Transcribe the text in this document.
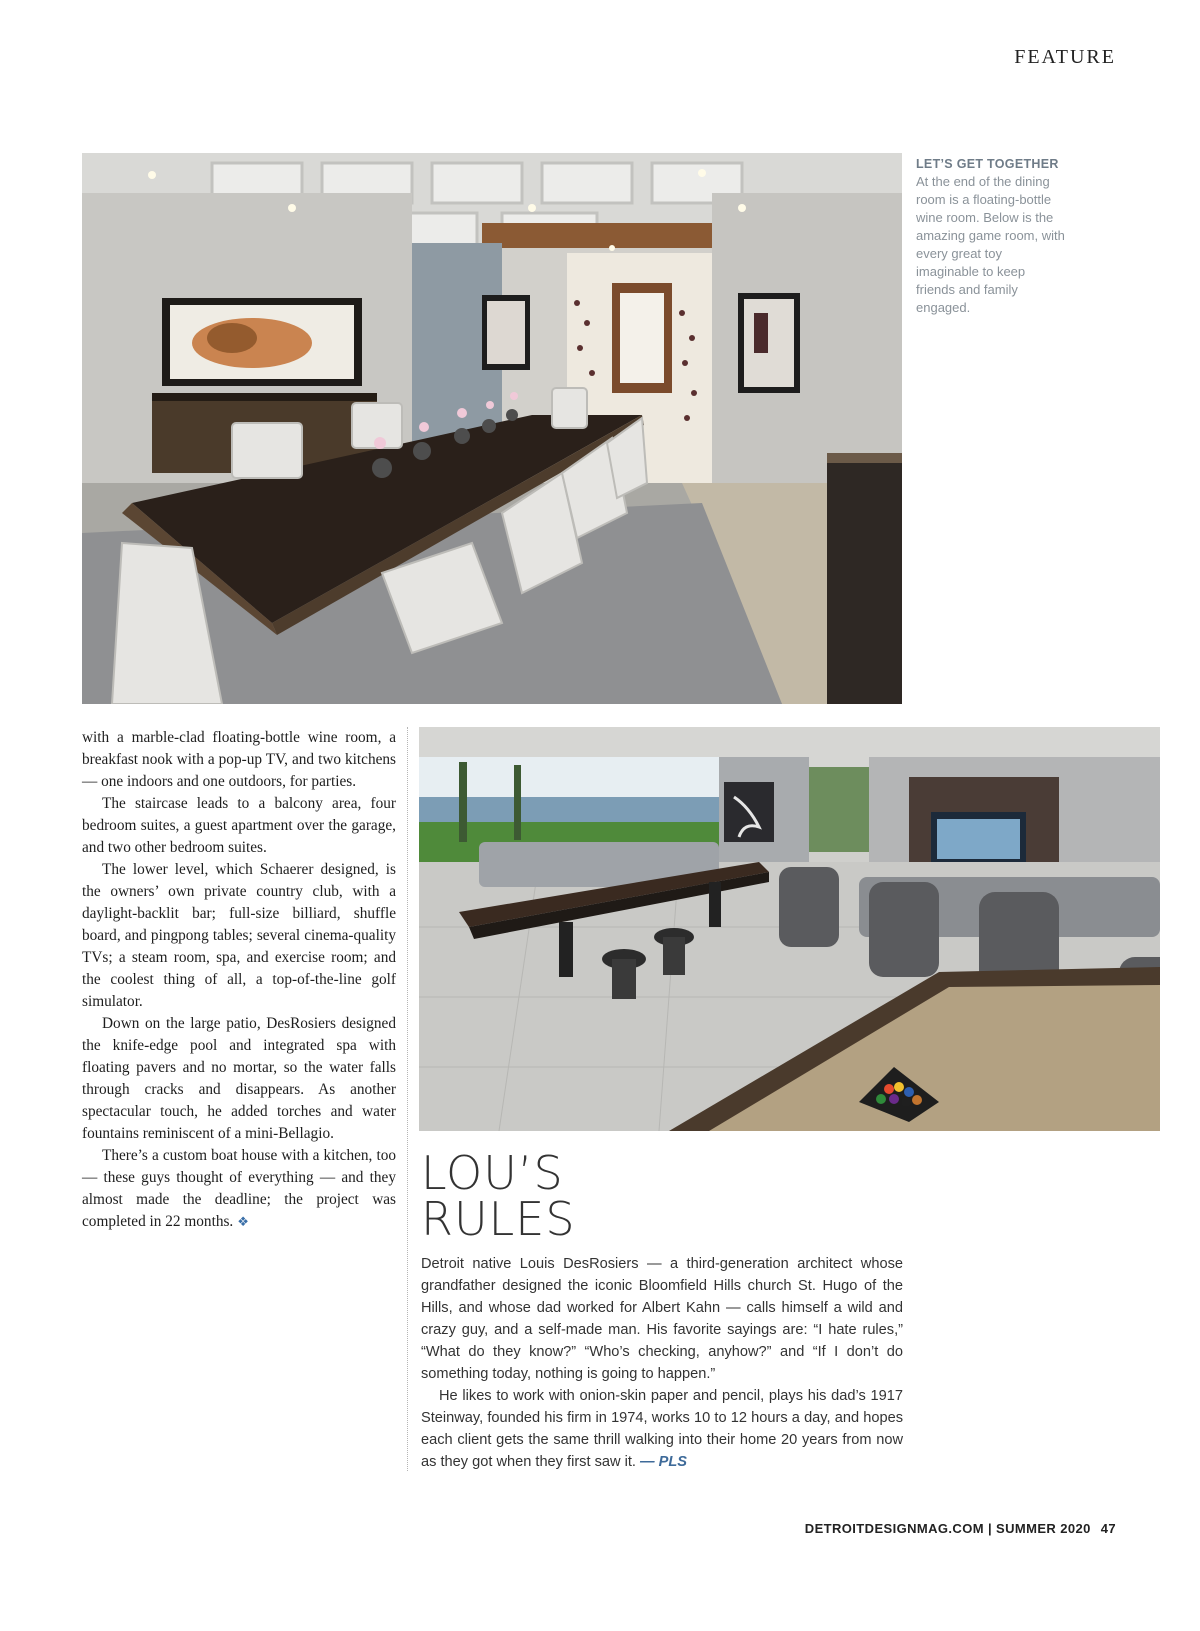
FEATURE
LET’S GET TOGETHER
At the end of the dining room is a floating-bottle wine room. Below is the amazing game room, with every great toy imaginable to keep friends and family engaged.

with a marble-clad floating-bottle wine room, a breakfast nook with a pop-up TV, and two kitchens — one indoors and one outdoors, for parties.

The staircase leads to a balcony area, four bedroom suites, a guest apartment over the garage, and two other bedroom suites.

The lower level, which Schaerer designed, is the owners’ own private country club, with a daylight-backlit bar; full-size billiard, shuffle board, and pingpong tables; several cinema-quality TVs; a steam room, spa, and exercise room; and the coolest thing of all, a top-of-the-line golf simulator.

Down on the large patio, DesRosiers designed the knife-edge pool and integrated spa with floating pavers and no mortar, so the water falls through cracks and disappears. As another spectacular touch, he added torches and water fountains reminiscent of a mini-Bellagio.

There’s a custom boat house with a kitchen, too — these guys thought of everything — and they almost made the deadline; the project was completed in 22 months. ❖

LOU’S
RULES

Detroit native Louis DesRosiers — a third-generation architect whose grandfather designed the iconic Bloomfield Hills church St. Hugo of the Hills, and whose dad worked for Albert Kahn — calls himself a wild and crazy guy, and a self-made man. His favorite sayings are: “I hate rules,” “What do they know?” “Who’s checking, anyhow?” and “If I don’t do something today, nothing is going to happen.”

He likes to work with onion-skin paper and pencil, plays his dad’s 1917 Steinway, founded his firm in 1974, works 10 to 12 hours a day, and hopes each client gets the same thrill walking into their home 20 years from now as they got when they first saw it. — PLS

DETROITDESIGNMAG.COM | SUMMER 2020 47
